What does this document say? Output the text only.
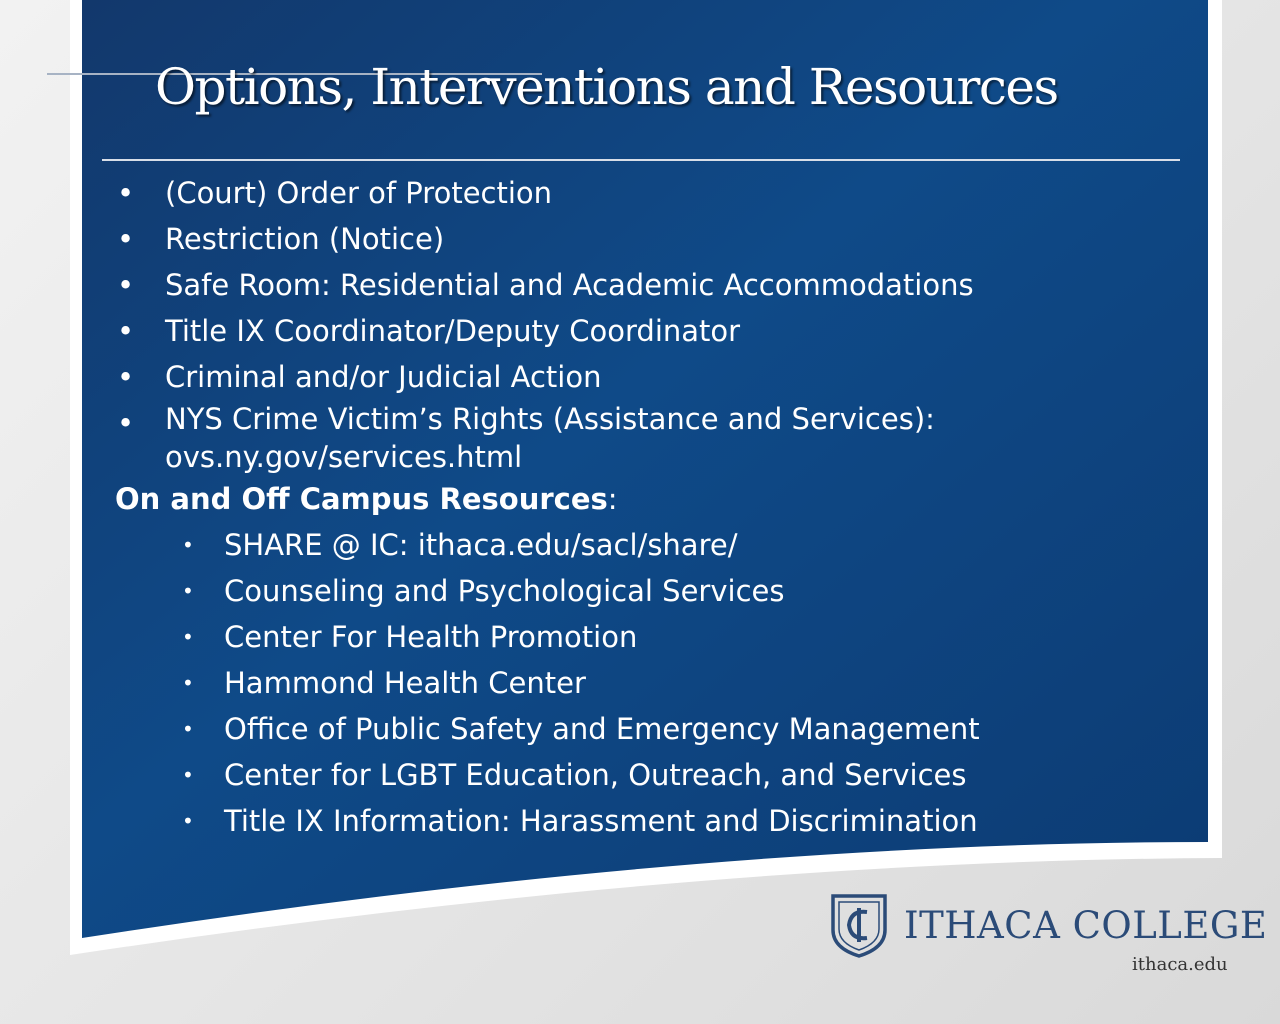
Options, Interventions and Resources
• (Court) Order of Protection
• Restriction (Notice)
• Safe Room: Residential and Academic Accommodations
• Title IX Coordinator/Deputy Coordinator
• Criminal and/or Judicial Action
• NYS Crime Victim’s Rights (Assistance and Services):
ovs.ny.gov/services.html

On and Off Campus Resources:

• SHARE @ IC: ithaca.edu/sacl/share/
• Counseling and Psychological Services
• Center For Health Promotion
• Hammond Health Center
• Office of Public Safety and Emergency Management
• Center for LGBT Education, Outreach, and Services
• Title IX Information: Harassment and Discrimination
ITHACA COLLEGE
ithaca.edu
